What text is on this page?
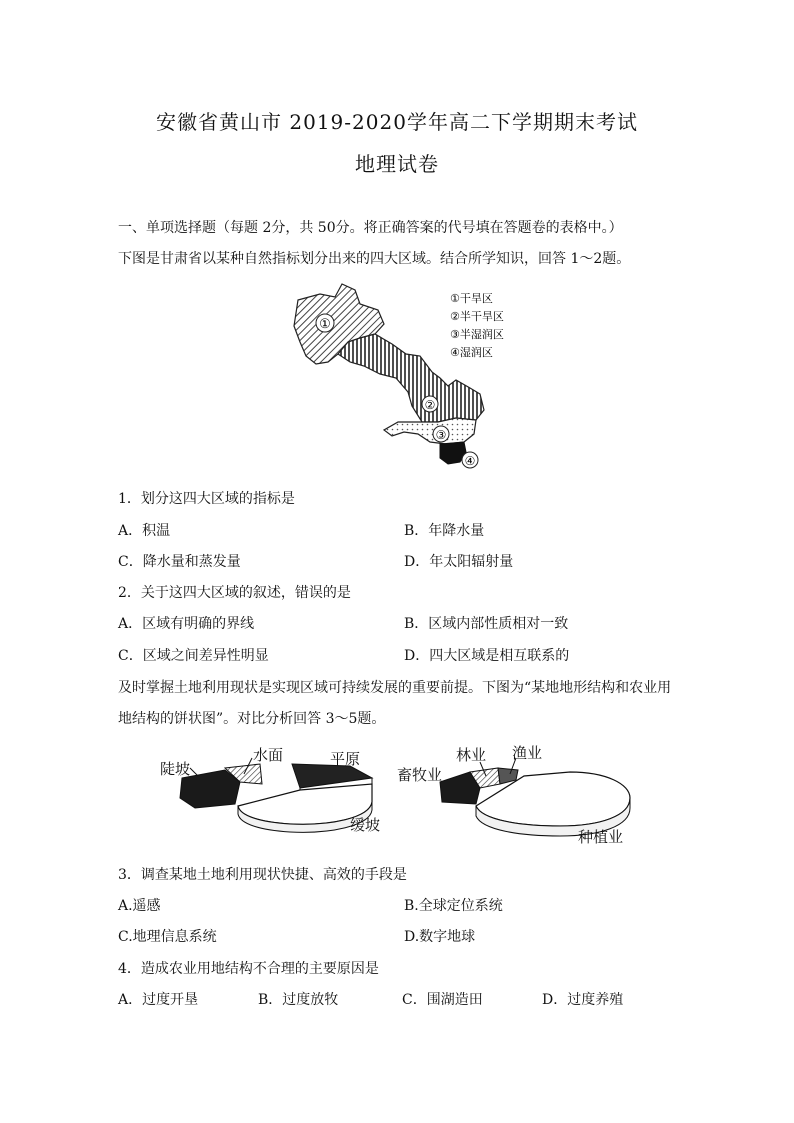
安徽省黄山市 2019-2020学年高二下学期期末考试
地理试卷
一、单项选择题（每题 2分，共 50分。将正确答案的代号填在答题卷的表格中。）
下图是甘肃省以某种自然指标划分出来的四大区域。结合所学知识，回答 1～2题。
①
②
③
④
①干旱区
②半干旱区
③半湿润区
④湿润区
1．划分这四大区域的指标是
A．积温	B．年降水量
C．降水量和蒸发量	D．年太阳辐射量
2．关于这四大区域的叙述，错误的是
A．区域有明确的界线	B．区域内部性质相对一致
C．区域之间差异性明显	D．四大区域是相互联系的
及时掌握土地利用现状是实现区域可持续发展的重要前提。下图为“某地地形结构和农业用
地结构的饼状图”。对比分析回答 3～5题。
陡坡
水面	平原
缓坡
林业 渔业
畜牧业
种植业
3．调查某地土地利用现状快捷、高效的手段是
A.遥感	B.全球定位系统
C.地理信息系统	D.数字地球
4．造成农业用地结构不合理的主要原因是
A．过度开垦	B．过度放牧	C．围湖造田	D．过度养殖
